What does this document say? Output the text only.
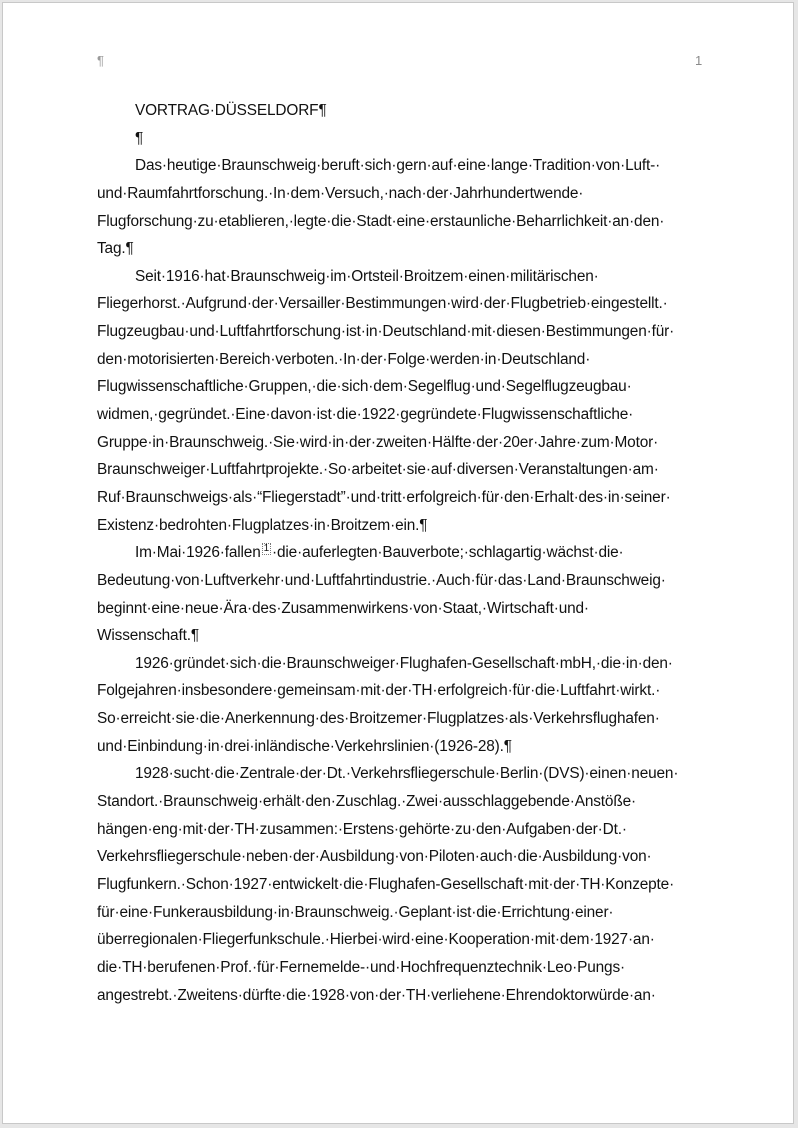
¶	1
VORTRAG·DÜSSELDORF¶
¶
Das·heutige·Braunschweig·beruft·sich·gern·auf·eine·lange·Tradition·von·Luft-·
und·Raumfahrtforschung.·In·dem·Versuch,·nach·der·Jahrhundertwende·
Flugforschung·zu·etablieren,·legte·die·Stadt·eine·erstaunliche·Beharrlichkeit·an·den·
Tag.¶
Seit·1916·hat·Braunschweig·im·Ortsteil·Broitzem·einen·militärischen·
Fliegerhorst.·Aufgrund·der·Versailler·Bestimmungen·wird·der·Flugbetrieb·eingestellt.·
Flugzeugbau·und·Luftfahrtforschung·ist·in·Deutschland·mit·diesen·Bestimmungen·für·
den·motorisierten·Bereich·verboten.·In·der·Folge·werden·in·Deutschland·
Flugwissenschaftliche·Gruppen,·die·sich·dem·Segelflug·und·Segelflugzeugbau·
widmen,·gegründet.·Eine·davon·ist·die·1922·gegründete·Flugwissenschaftliche·
Gruppe·in·Braunschweig.·Sie·wird·in·der·zweiten·Hälfte·der·20er·Jahre·zum·Motor·
Braunschweiger·Luftfahrtprojekte.·So·arbeitet·sie·auf·diversen·Veranstaltungen·am·
Ruf·Braunschweigs·als·“Fliegerstadt”·und·tritt·erfolgreich·für·den·Erhalt·des·in·seiner·
Existenz·bedrohten·Flugplatzes·in·Broitzem·ein.¶
Im·Mai·1926·fallen 1 ·die·auferlegten·Bauverbote;·schlagartig·wächst·die·
Bedeutung·von·Luftverkehr·und·Luftfahrtindustrie.·Auch·für·das·Land·Braunschweig·
beginnt·eine·neue·Ära·des·Zusammenwirkens·von·Staat,·Wirtschaft·und·
Wissenschaft.¶
1926·gründet·sich·die·Braunschweiger·Flughafen-Gesellschaft·mbH,·die·in·den·
Folgejahren·insbesondere·gemeinsam·mit·der·TH·erfolgreich·für·die·Luftfahrt·wirkt.·
So·erreicht·sie·die·Anerkennung·des·Broitzemer·Flugplatzes·als·Verkehrsflughafen·
und·Einbindung·in·drei·inländische·Verkehrslinien·(1926-28).¶
1928·sucht·die·Zentrale·der·Dt.·Verkehrsfliegerschule·Berlin·(DVS)·einen·neuen·
Standort.·Braunschweig·erhält·den·Zuschlag.·Zwei·ausschlaggebende·Anstöße·
hängen·eng·mit·der·TH·zusammen:·Erstens·gehörte·zu·den·Aufgaben·der·Dt.·
Verkehrsfliegerschule·neben·der·Ausbildung·von·Piloten·auch·die·Ausbildung·von·
Flugfunkern.·Schon·1927·entwickelt·die·Flughafen-Gesellschaft·mit·der·TH·Konzepte·
für·eine·Funkerausbildung·in·Braunschweig.·Geplant·ist·die·Errichtung·einer·
überregionalen·Fliegerfunkschule.·Hierbei·wird·eine·Kooperation·mit·dem·1927·an·
die·TH·berufenen·Prof.·für·Fernemelde-·und·Hochfrequenztechnik·Leo·Pungs·
angestrebt.·Zweitens·dürfte·die·1928·von·der·TH·verliehene·Ehrendoktorwürde·an·
